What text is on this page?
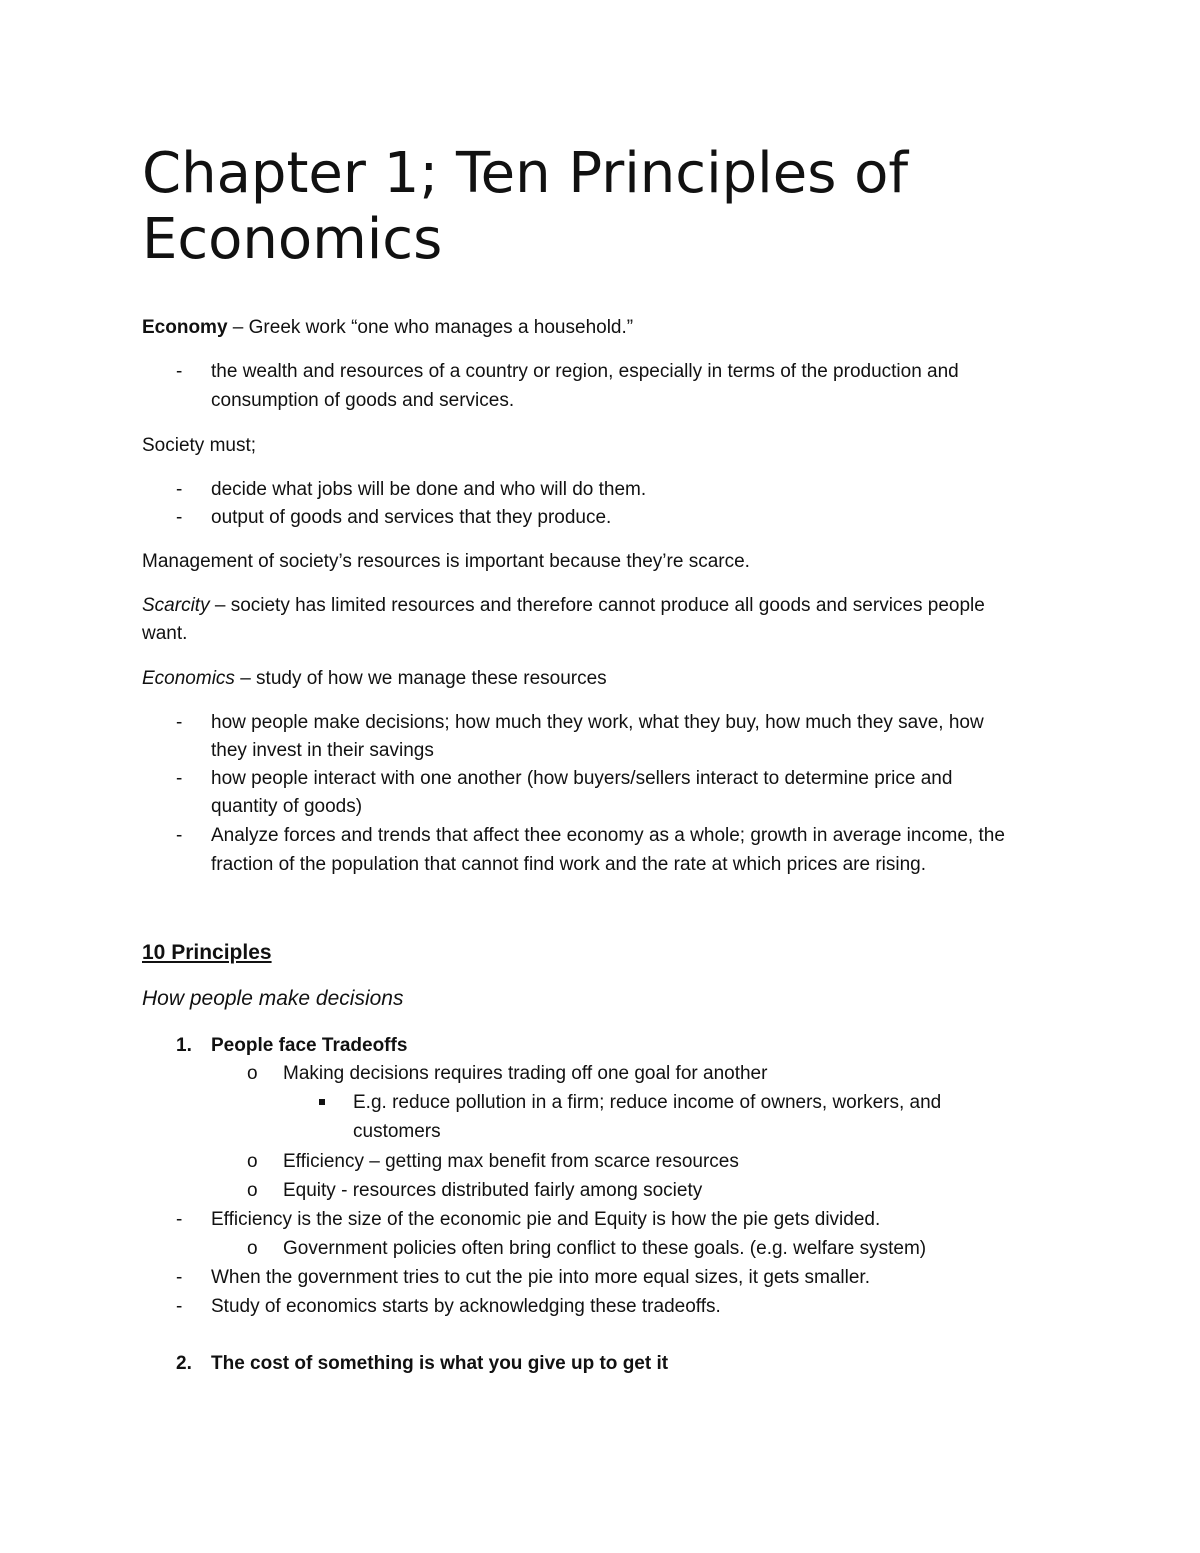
Chapter 1; Ten Principles of
Economics
Economy – Greek work “one who manages a household.”
- the wealth and resources of a country or region, especially in terms of the production and
consumption of goods and services.
Society must;
- decide what jobs will be done and who will do them.
- output of goods and services that they produce.
Management of society’s resources is important because they’re scarce.
Scarcity – society has limited resources and therefore cannot produce all goods and services people
want.
Economics – study of how we manage these resources
- how people make decisions; how much they work, what they buy, how much they save, how
they invest in their savings
- how people interact with one another (how buyers/sellers interact to determine price and
quantity of goods)
- Analyze forces and trends that affect thee economy as a whole; growth in average income, the
fraction of the population that cannot find work and the rate at which prices are rising.
10 Principles
How people make decisions
1. People face Tradeoffs
o Making decisions requires trading off one goal for another
E.g. reduce pollution in a firm; reduce income of owners, workers, and
customers
o Efficiency – getting max benefit from scarce resources
o Equity - resources distributed fairly among society
- Efficiency is the size of the economic pie and Equity is how the pie gets divided.
o Government policies often bring conflict to these goals. (e.g. welfare system)
- When the government tries to cut the pie into more equal sizes, it gets smaller.
- Study of economics starts by acknowledging these tradeoffs.
2. The cost of something is what you give up to get it
